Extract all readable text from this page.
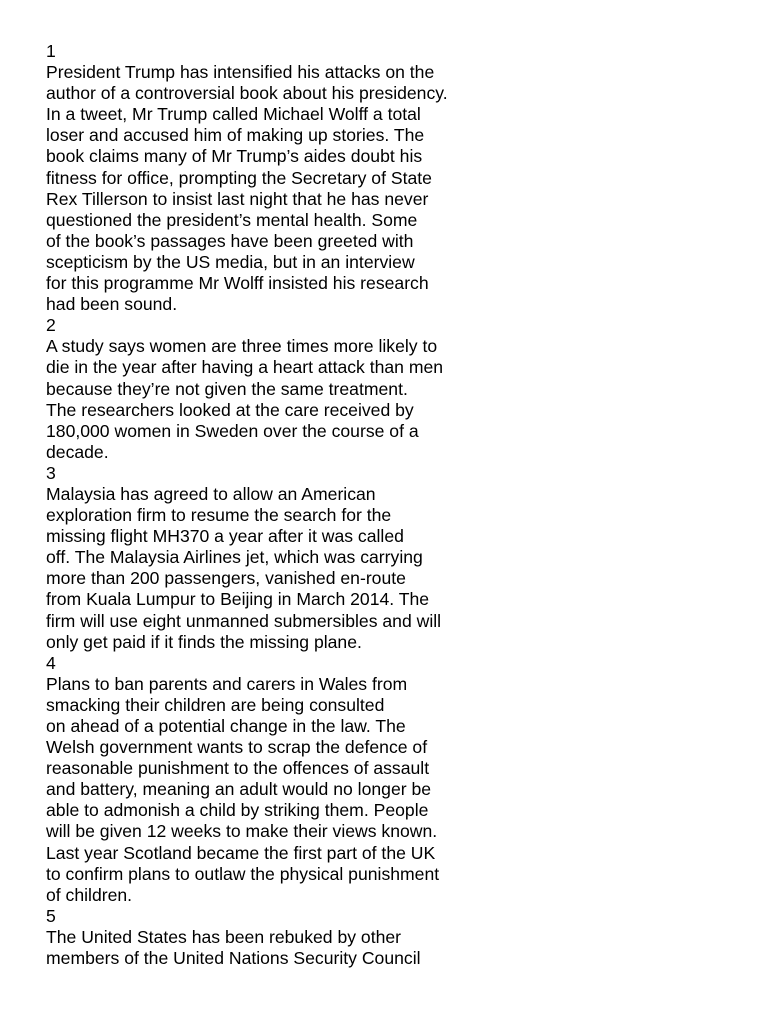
1
President Trump has intensified his attacks on the
author of a controversial book about his presidency.
In a tweet, Mr Trump called Michael Wolff a total
loser and accused him of making up stories. The
book claims many of Mr Trump’s aides doubt his
fitness for office, prompting the Secretary of State
Rex Tillerson to insist last night that he has never
questioned the president’s mental health. Some
of the book’s passages have been greeted with
scepticism by the US media, but in an interview
for this programme Mr Wolff insisted his research
had been sound.
2
A study says women are three times more likely to
die in the year after having a heart attack than men
because they’re not given the same treatment.
The researchers looked at the care received by
180,000 women in Sweden over the course of a
decade.
3
Malaysia has agreed to allow an American
exploration firm to resume the search for the
missing flight MH370 a year after it was called
off. The Malaysia Airlines jet, which was carrying
more than 200 passengers, vanished en-route
from Kuala Lumpur to Beijing in March 2014. The
firm will use eight unmanned submersibles and will
only get paid if it finds the missing plane.
4
Plans to ban parents and carers in Wales from
smacking their children are being consulted
on ahead of a potential change in the law. The
Welsh government wants to scrap the defence of
reasonable punishment to the offences of assault
and battery, meaning an adult would no longer be
able to admonish a child by striking them. People
will be given 12 weeks to make their views known.
Last year Scotland became the first part of the UK
to confirm plans to outlaw the physical punishment
of children.
5
The United States has been rebuked by other
members of the United Nations Security Council
